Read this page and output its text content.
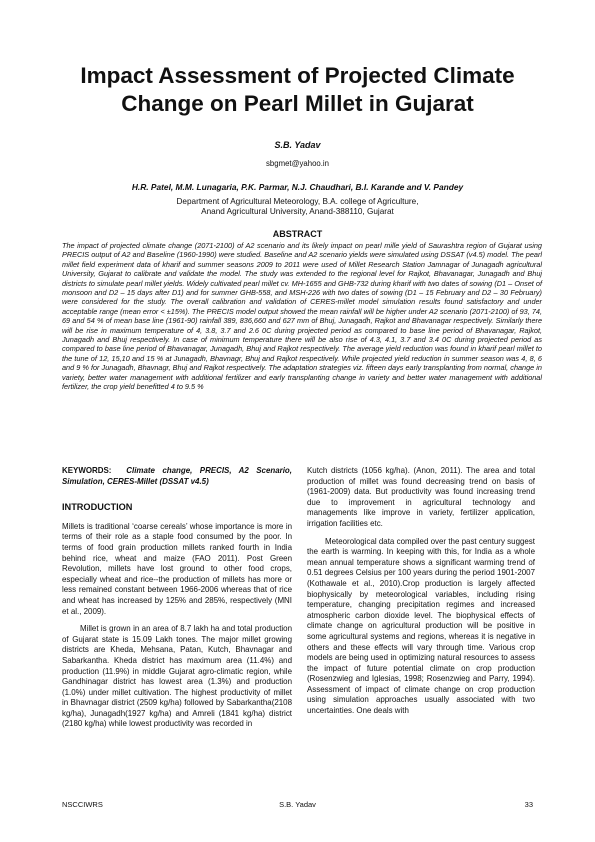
Impact Assessment of Projected Climate
Change on Pearl Millet in Gujarat
S.B. Yadav
sbgmet@yahoo.in
H.R. Patel, M.M. Lunagaria, P.K. Parmar, N.J. Chaudhari, B.I. Karande and V. Pandey
Department of Agricultural Meteorology, B.A. college of Agriculture,
Anand Agricultural University, Anand-388110, Gujarat
ABSTRACT
The impact of projected climate change (2071-2100) of A2 scenario and its likely impact on pearl mille yield of Saurashtra region of Gujarat using PRECIS output of A2 and Baseline (1960-1990) were studied. Baseline and A2 scenario yields were simulated using DSSAT (v4.5) model. The pearl millet field experiment data of kharif and summer seasons 2009 to 2011 were used of Millet Research Station Jamnagar of Junagadh agricultural University, Gujarat to calibrate and validate the model. The study was extended to the regional level for Rajkot, Bhavanagar, Junagadh and Bhuj districts to simulate pearl millet yields. Widely cultivated pearl millet cv. MH-1655 and GHB-732 during kharif with two dates of sowing (D1 – Onset of monsoon and D2 – 15 days after D1) and for summer GHB-558, and MSH-226 with two dates of sowing (D1 – 15 February and D2 – 30 February) were considered for the study. The overall calibration and validation of CERES-millet model simulation results found satisfactory and under acceptable range (mean error < ±15%). The PRECIS model output showed the mean rainfall will be higher under A2 scenario (2071-2100) of 93, 74, 69 and 54 % of mean base line (1961-90) rainfall 389, 836,660 and 627 mm of Bhuj, Junagadh, Rajkot and Bhavanagar respectively. Similarly there will be rise in maximum temperature of 4, 3.8, 3.7 and 2.6 0C during projected period as compared to base line period of Bhavanagar, Rajkot, Junagadh and Bhuj respectively. In case of minimum temperature there will be also rise of 4.3, 4.1, 3.7 and 3.4 0C during projected period as compared to base line period of Bhavanagar, Junagadh, Bhuj and Rajkot respectively. The average yield reduction was found in kharif pearl millet to the tune of 12, 15,10 and 15 % at Junagadh, Bhavnagr, Bhuj and Rajkot respectively. While projected yield reduction in summer season was 4, 8, 6 and 9 % for Junagadh, Bhavnagr, Bhuj and Rajkot respectively. The adaptation strategies viz. fifteen days early transplanting from normal, change in variety, better water management with additional fertilizer and early transplanting change in variety and better water management with additional fertilizer, the crop yield benefitted 4 to 9.5 %
KEYWORDS: Climate change, PRECIS, A2 Scenario, Simulation, CERES-Millet (DSSAT v4.5)
INTRODUCTION

Millets is traditional ‘coarse cereals’ whose importance is more in terms of their role as a staple food consumed by the poor. In terms of food grain production millets ranked fourth in India behind rice, wheat and maize (FAO 2011). Post Green Revolution, millets have lost ground to other food crops, especially wheat and rice--the production of millets has more or less remained constant between 1966-2006 whereas that of rice and wheat has increased by 125% and 285%, respectively (MNI et al., 2009).

Millet is grown in an area of 8.7 lakh ha and total production of Gujarat state is 15.09 Lakh tones. The major millet growing districts are Kheda, Mehsana, Patan, Kutch, Bhavnagar and Sabarkantha. Kheda district has maximum area (11.4%) and production (11.9%) in middle Gujarat agro-climatic region, while Gandhinagar district has lowest area (1.3%) and production (1.0%) under millet cultivation. The highest productivity of millet in Bhavnagar district (2509 kg/ha) followed by Sabarkantha(2108 kg/ha), Junagadh(1927 kg/ha) and Amreli (1841 kg/ha) district (2180 kg/ha) while lowest productivity was recorded in

Kutch districts (1056 kg/ha). (Anon, 2011). The area and total production of millet was found decreasing trend on basis of (1961-2009) data. But productivity was found increasing trend due to improvement in agricultural technology and managements like improve in variety, fertilizer application, irrigation facilities etc.

Meteorological data compiled over the past century suggest the earth is warming. In keeping with this, for India as a whole mean annual temperature shows a significant warming trend of 0.51 degrees Celsius per 100 years during the period 1901-2007 (Kothawale et al., 2010).Crop production is largely affected biophysically by meteorological variables, including rising temperature, changing precipitation regimes and increased atmospheric carbon dioxide level. The biophysical effects of climate change on agricultural production will be positive in some agricultural systems and regions, whereas it is negative in others and these effects will vary through time. Various crop models are being used in optimizing natural resources to assess the impact of future potential climate on crop production (Rosenzwieg and Iglesias, 1998; Rosenzwieg and Parry, 1994). Assessment of impact of climate change on crop production using simulation approaches usually associated with two uncertainties. One deals with

NSCCIWRS	S.B. Yadav	33
